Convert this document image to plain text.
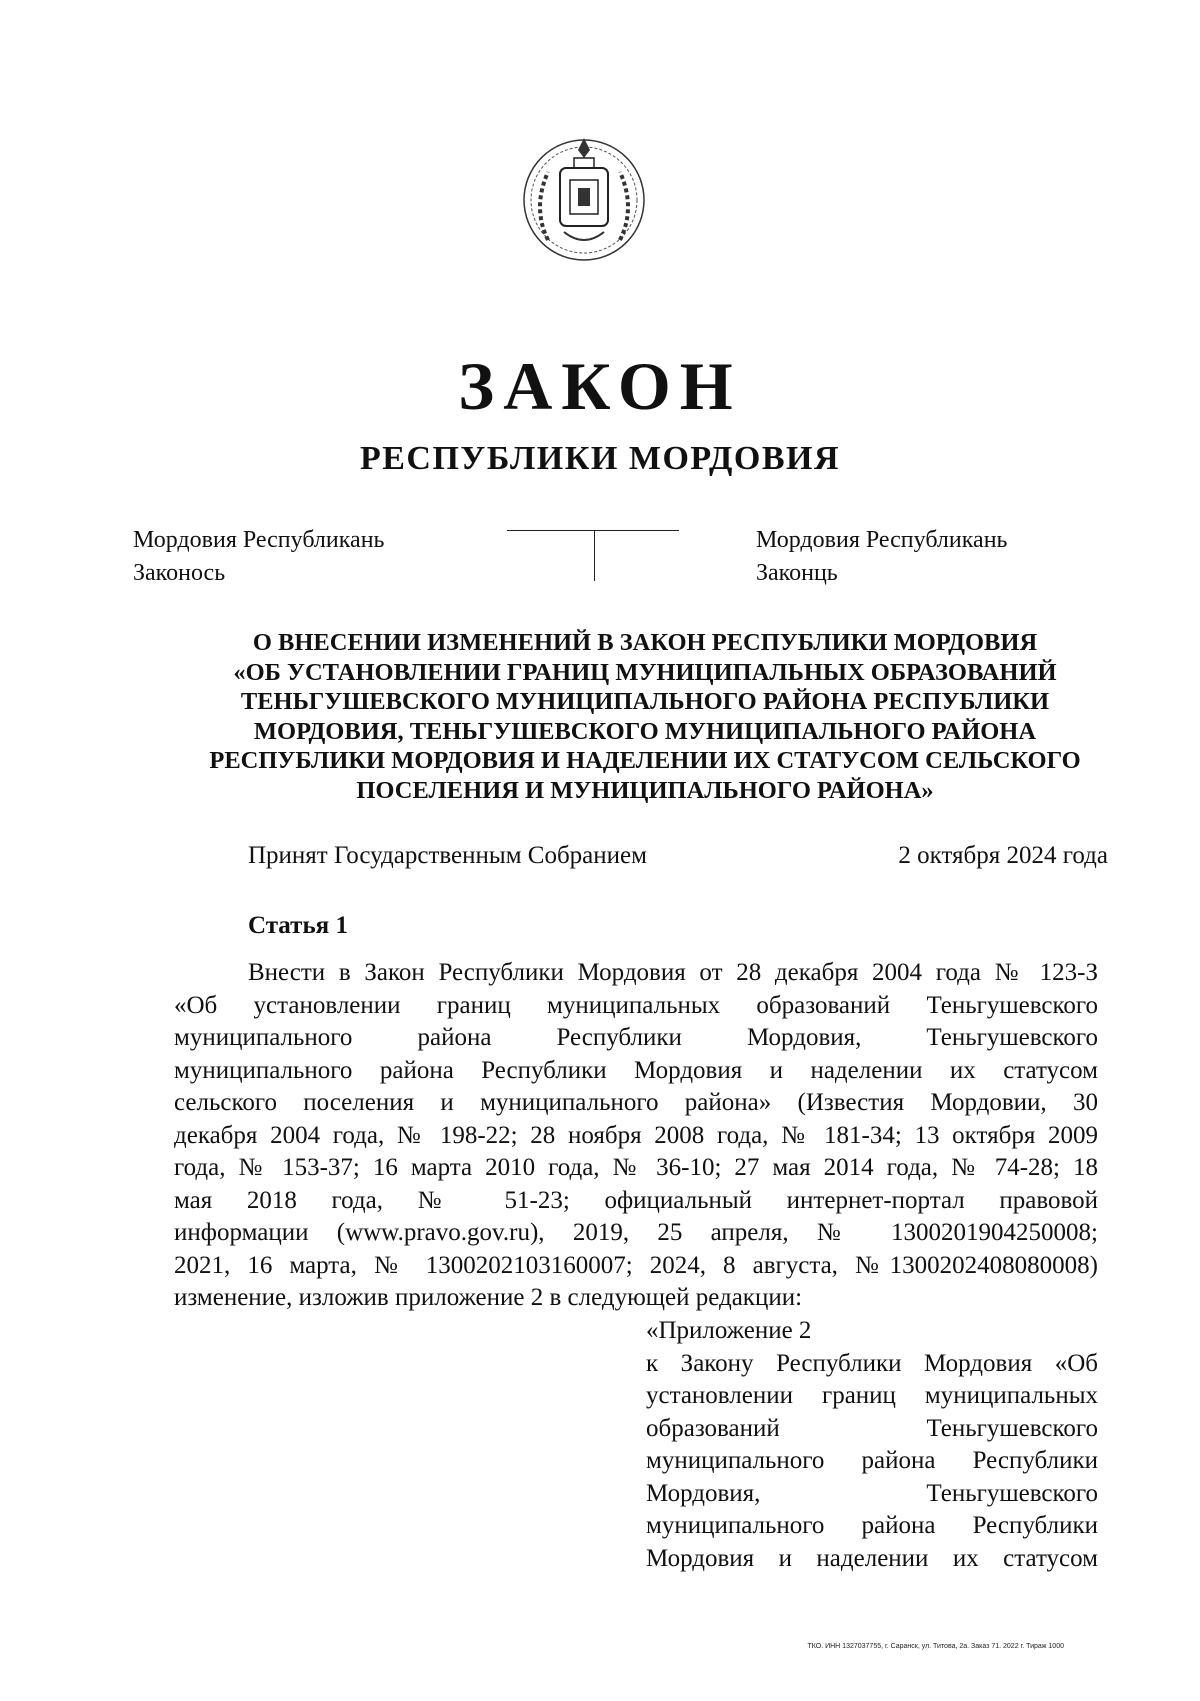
ЗАКОН
РЕСПУБЛИКИ МОРДОВИЯ
Мордовия Республикань
Законось
Мордовия Республикань
Законць
О ВНЕСЕНИИ ИЗМЕНЕНИЙ В ЗАКОН РЕСПУБЛИКИ МОРДОВИЯ
«ОБ УСТАНОВЛЕНИИ ГРАНИЦ МУНИЦИПАЛЬНЫХ ОБРАЗОВАНИЙ
ТЕНЬГУШЕВСКОГО МУНИЦИПАЛЬНОГО РАЙОНА РЕСПУБЛИКИ
МОРДОВИЯ, ТЕНЬГУШЕВСКОГО МУНИЦИПАЛЬНОГО РАЙОНА
РЕСПУБЛИКИ МОРДОВИЯ И НАДЕЛЕНИИ ИХ СТАТУСОМ СЕЛЬСКОГО
ПОСЕЛЕНИЯ И МУНИЦИПАЛЬНОГО РАЙОНА»
Принят Государственным Собранием	2 октября 2024 года
Статья 1
Внести в Закон Республики Мордовия от 28 декабря 2004 года № 123-З
«Об установлении границ муниципальных образований Теньгушевского
муниципального района Республики Мордовия, Теньгушевского
муниципального района Республики Мордовия и наделении их статусом
сельского поселения и муниципального района» (Известия Мордовии, 30
декабря 2004 года, № 198-22; 28 ноября 2008 года, № 181-34; 13 октября 2009
года, № 153-37; 16 марта 2010 года, № 36-10; 27 мая 2014 года, № 74-28; 18
мая 2018 года, № 51-23; официальный интернет-портал правовой
информации (www.pravo.gov.ru), 2019, 25 апреля, № 1300201904250008;
2021, 16 марта, № 1300202103160007; 2024, 8 августа, №1300202408080008)
изменение, изложив приложение 2 в следующей редакции:
«Приложение 2
к Закону Республики Мордовия «Об
установлении границ муниципальных
образований Теньгушевского
муниципального района Республики
Мордовия, Теньгушевского
муниципального района Республики
Мордовия и наделении их статусом
ТКО. ИНН 1327037755, г. Саранск, ул. Титова, 2а. Заказ 71. 2022 г. Тираж 1000
